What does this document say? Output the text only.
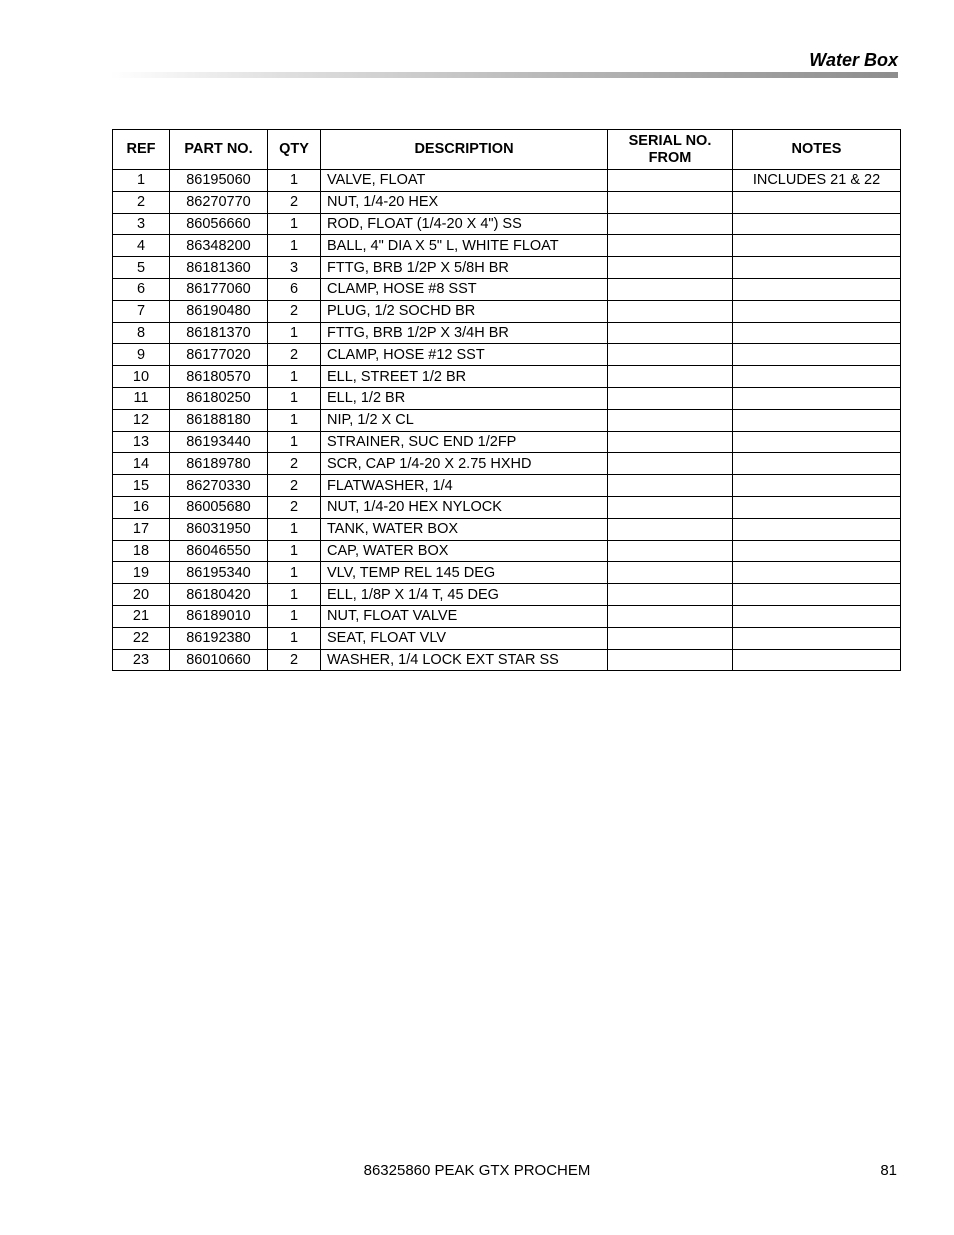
Water Box
REF	PART NO.	QTY	DESCRIPTION	SERIAL NO. FROM	NOTES
1	86195060	1	VALVE, FLOAT		INCLUDES 21 & 22
2	86270770	2	NUT, 1/4-20 HEX		
3	86056660	1	ROD, FLOAT (1/4-20 X 4") SS		
4	86348200	1	BALL, 4" DIA X 5" L, WHITE FLOAT		
5	86181360	3	FTTG, BRB 1/2P X 5/8H BR		
6	86177060	6	CLAMP, HOSE #8 SST		
7	86190480	2	PLUG, 1/2 SOCHD BR		
8	86181370	1	FTTG, BRB 1/2P X 3/4H BR		
9	86177020	2	CLAMP, HOSE #12 SST		
10	86180570	1	ELL, STREET 1/2 BR		
11	86180250	1	ELL, 1/2 BR		
12	86188180	1	NIP, 1/2 X CL		
13	86193440	1	STRAINER, SUC END 1/2FP		
14	86189780	2	SCR, CAP 1/4-20 X 2.75 HXHD		
15	86270330	2	FLATWASHER, 1/4		
16	86005680	2	NUT, 1/4-20 HEX NYLOCK		
17	86031950	1	TANK, WATER BOX		
18	86046550	1	CAP, WATER BOX		
19	86195340	1	VLV, TEMP REL 145 DEG		
20	86180420	1	ELL, 1/8P X 1/4 T, 45 DEG		
21	86189010	1	NUT, FLOAT VALVE		
22	86192380	1	SEAT, FLOAT VLV		
23	86010660	2	WASHER, 1/4 LOCK EXT STAR SS		
86325860 PEAK GTX PROCHEM	81
